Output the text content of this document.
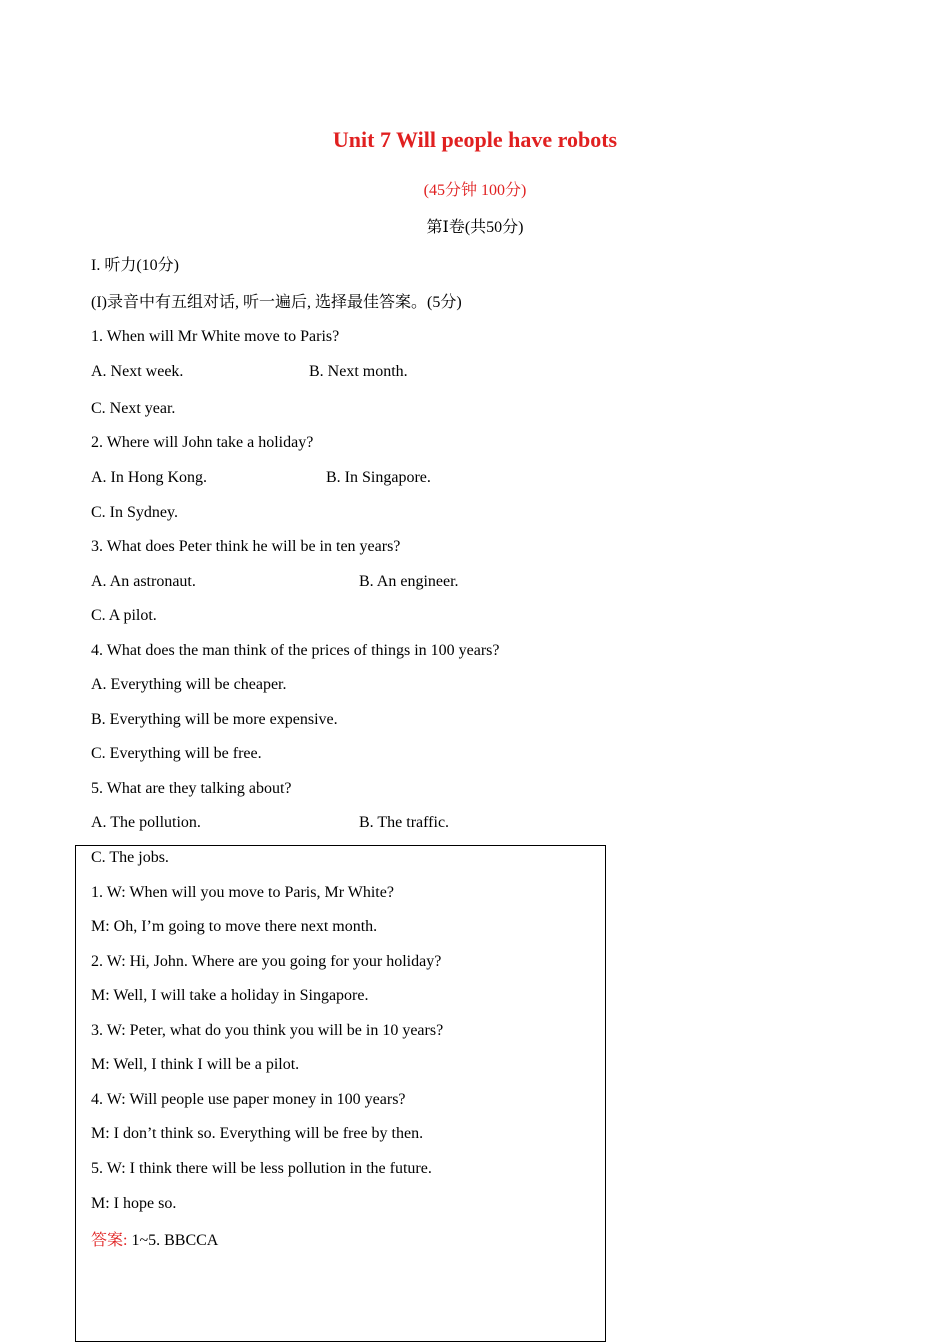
Unit 7 Will people have robots
(45分钟 100分)
第Ⅰ卷(共50分)
I. 听力(10分)
(I)录音中有五组对话, 听一遍后, 选择最佳答案。(5分)
1. When will Mr White move to Paris?
A. Next week.	B. Next month.
C. Next year.
2. Where will John take a holiday?
A. In Hong Kong.	B. In Singapore.
C. In Sydney.
3. What does Peter think he will be in ten years?
A. An astronaut.	B. An engineer.
C. A pilot.
4. What does the man think of the prices of things in 100 years?
A. Everything will be cheaper.
B. Everything will be more expensive.
C. Everything will be free.
5. What are they talking about?
A. The pollution.	B. The traffic.
C. The jobs.
1. W: When will you move to Paris, Mr White?
M: Oh, I’m going to move there next month.
2. W: Hi, John. Where are you going for your holiday?
M: Well, I will take a holiday in Singapore.
3. W: Peter, what do you think you will be in 10 years?
M: Well, I think I will be a pilot.
4. W: Will people use paper money in 100 years?
M: I don’t think so. Everything will be free by then.
5. W: I think there will be less pollution in the future.
M: I hope so.
答案: 1~5. BBCCA
